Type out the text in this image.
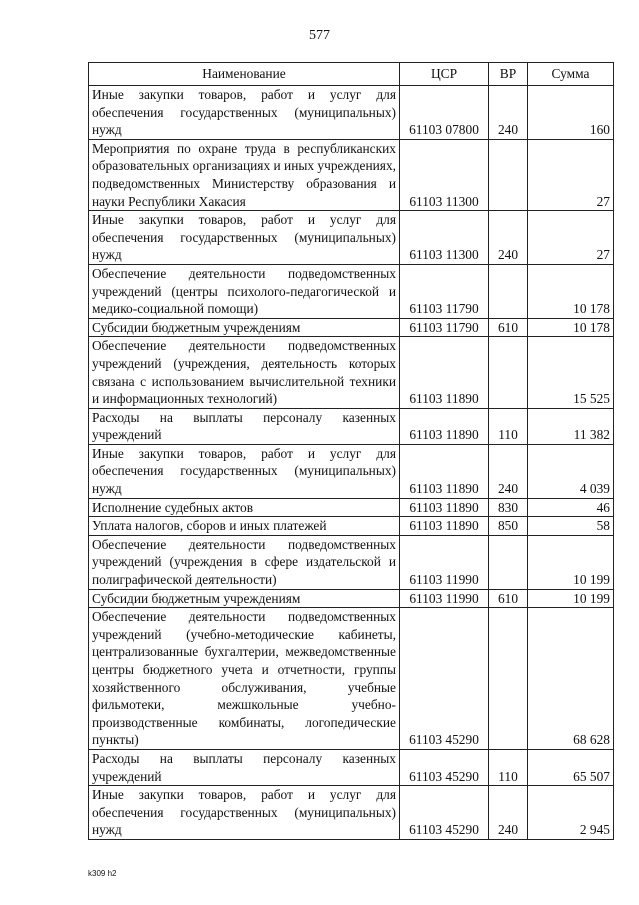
577
Наименование	ЦСР	ВР	Сумма
Иные закупки товаров, работ и услуг для обеспечения государственных (муниципальных) нужд	61103 07800	240	160
Мероприятия по охране труда в республиканских образовательных организациях и иных учреждениях, подведомственных Министерству образования и науки Республики Хакасия	61103 11300		27
Иные закупки товаров, работ и услуг для обеспечения государственных (муниципальных) нужд	61103 11300	240	27
Обеспечение деятельности подведомственных учреждений (центры психолого-педагогической и медико-социальной помощи)	61103 11790		10 178
Субсидии бюджетным учреждениям	61103 11790	610	10 178
Обеспечение деятельности подведомственных учреждений (учреждения, деятельность которых связана с использованием вычислительной техники и информационных технологий)	61103 11890		15 525
Расходы на выплаты персоналу казенных учреждений	61103 11890	110	11 382
Иные закупки товаров, работ и услуг для обеспечения государственных (муниципальных) нужд	61103 11890	240	4 039
Исполнение судебных актов	61103 11890	830	46
Уплата налогов, сборов и иных платежей	61103 11890	850	58
Обеспечение деятельности подведомственных учреждений (учреждения в сфере издательской и полиграфической деятельности)	61103 11990		10 199
Субсидии бюджетным учреждениям	61103 11990	610	10 199
Обеспечение деятельности подведомственных учреждений (учебно-методические кабинеты, централизованные бухгалтерии, межведомственные центры бюджетного учета и отчетности, группы хозяйственного обслуживания, учебные фильмотеки, межшкольные учебно-производственные комбинаты, логопедические пункты)	61103 45290		68 628
Расходы на выплаты персоналу казенных учреждений	61103 45290	110	65 507
Иные закупки товаров, работ и услуг для обеспечения государственных (муниципальных) нужд	61103 45290	240	2 945
k309 h2
